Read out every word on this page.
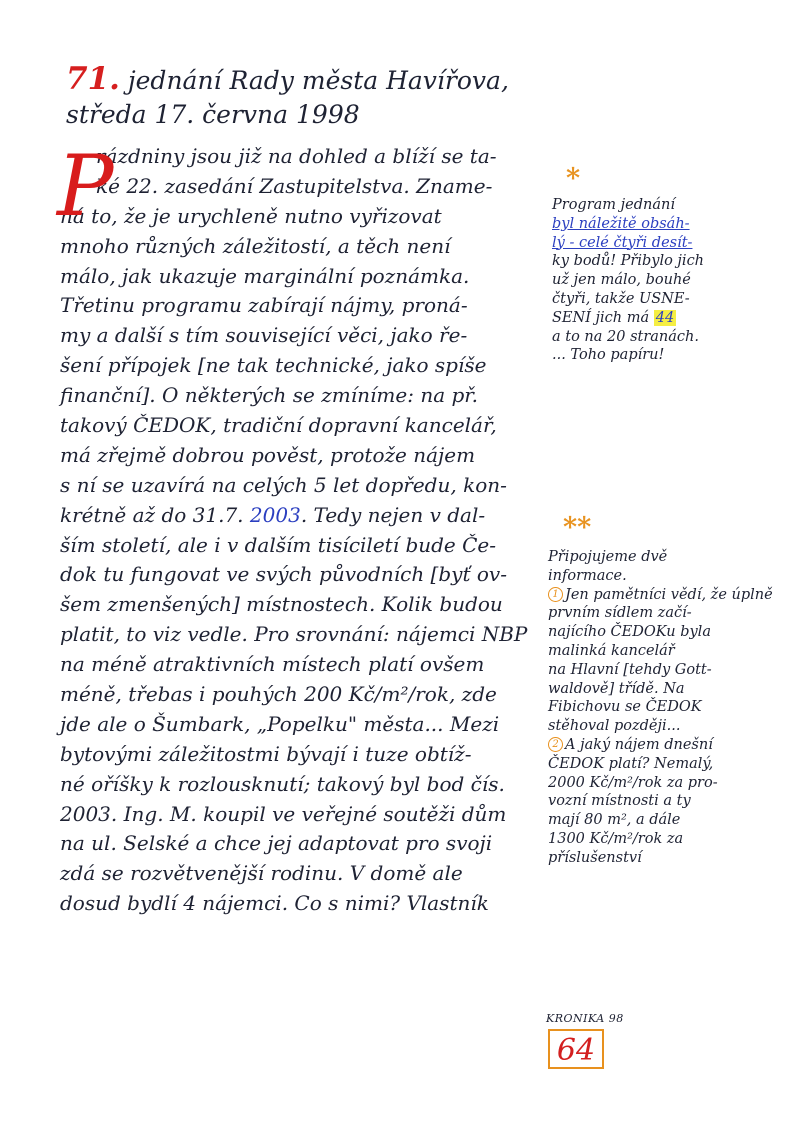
71. jednání Rady města Havířova,
středa 17. června 1998
P
rázdniny jsou již na dohled a blíží se ta-
ké 22. zasedání Zastupitelstva. Zname-
ná to, že je urychleně nutno vyřizovat
mnoho různých záležitostí, a těch není
málo, jak ukazuje marginální poznámka.
Třetinu programu zabírají nájmy, proná-
my a další s tím související věci, jako ře-
šení přípojek [ne tak technické, jako spíše
finanční]. O některých se zmíníme: na př.
takový ČEDOK, tradiční dopravní kancelář,
má zřejmě dobrou pověst, protože nájem
s ní se uzavírá na celých 5 let dopředu, kon-
krétně až do 31.7. 2003. Tedy nejen v dal-
ším století, ale i v dalším tisíciletí bude Če-
dok tu fungovat ve svých původních [byť ov-
šem zmenšených] místnostech. Kolik budou
platit, to viz vedle. Pro srovnání: nájemci NBP
na méně atraktivních místech platí ovšem
méně, třebas i pouhých 200 Kč/m²/rok, zde
jde ale o Šumbark, „Popelku" města... Mezi
bytovými záležitostmi bývají i tuze obtíž-
né oříšky k rozlousknutí; takový byl bod čís.
2003. Ing. M. koupil ve veřejné soutěži dům
na ul. Selské a chce jej adaptovat pro svoji
zdá se rozvětvenější rodinu. V domě ale
dosud bydlí 4 nájemci. Co s nimi? Vlastník
*
Program jednání
byl náležitě obsáh-
lý - celé čtyři desít-
ky bodů! Přibylo jich
už jen málo, bouhé
čtyři, takže USNE-
SENÍ jich má 44
a to na 20 stranách.
... Toho papíru!
**
Připojujeme dvě
informace.
1 Jen pamětníci vědí, že úplně
prvním sídlem začí-
najícího ČEDOKu byla
malinká kancelář
na Hlavní [tehdy Gott-
waldově] třídě. Na
Fibichovu se ČEDOK
stěhoval později...
2 A jaký nájem dnešní
ČEDOK platí? Nemalý,
2000 Kč/m²/rok za pro-
vozní místnosti a ty
mají 80 m², a dále
1300 Kč/m²/rok za
příslušenství
KRONIKA 98
64
